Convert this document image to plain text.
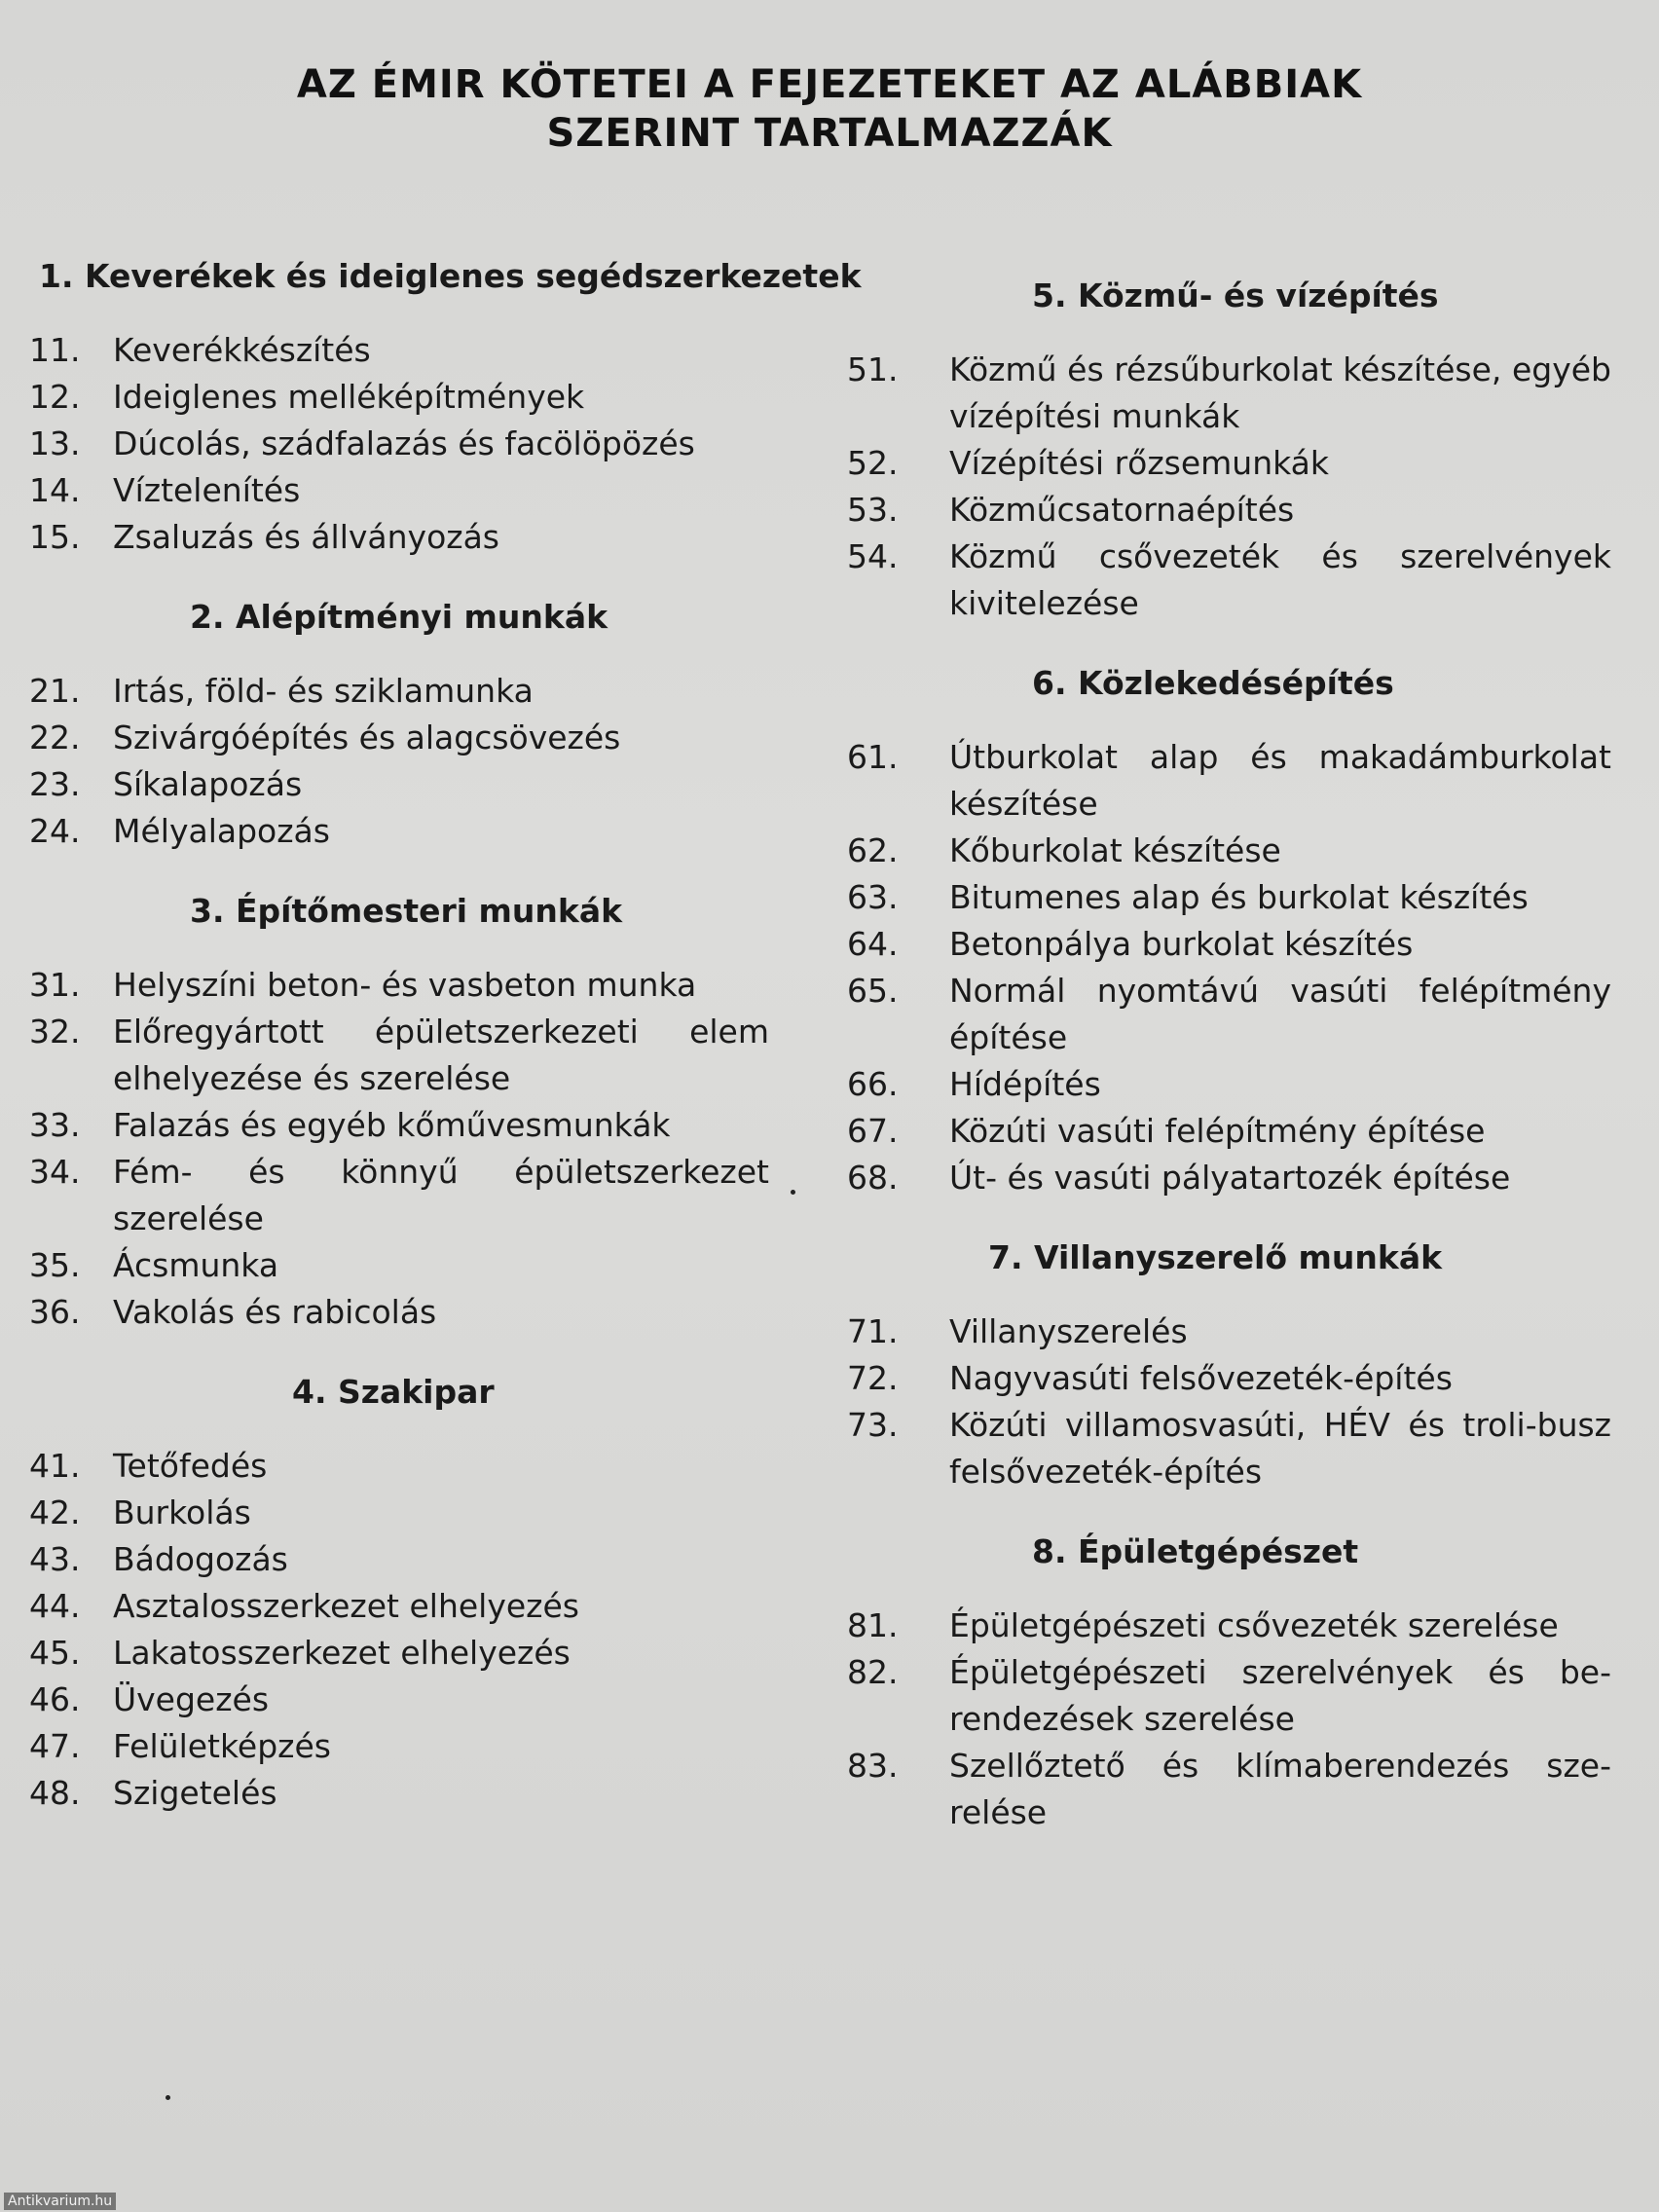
AZ ÉMIR KÖTETEI A FEJEZETEKET AZ ALÁBBIAK
SZERINT TARTALMAZZÁK
1. Keverékek és ideiglenes segédszerkezetek
11.	Keverékkészítés
12.	Ideiglenes melléképítmények
13.	Dúcolás, szádfalazás és facölöpözés
14.	Víztelenítés
15.	Zsaluzás és állványozás
2. Alépítményi munkák
21.	Irtás, föld- és sziklamunka
22.	Szivárgóépítés és alagcsövezés
23.	Síkalapozás
24.	Mélyalapozás
3. Építőmesteri munkák
31.	Helyszíni beton- és vasbeton munka
32.	Előregyártott épületszerkezeti elem elhelyezése és szerelése
33.	Falazás és egyéb kőművesmunkák
34.	Fém- és könnyű épületszerkezet szerelése
35.	Ácsmunka
36.	Vakolás és rabicolás
4. Szakipar
41.	Tetőfedés
42.	Burkolás
43.	Bádogozás
44.	Asztalosszerkezet elhelyezés
45.	Lakatosszerkezet elhelyezés
46.	Üvegezés
47.	Felületképzés
48.	Szigetelés
5. Közmű- és vízépítés
51.	Közmű és rézsűburkolat készítése, egyéb vízépítési munkák
52.	Vízépítési rőzsemunkák
53.	Közműcsatornaépítés
54.	Közmű csővezeték és szerelvények kivitelezése
6. Közlekedésépítés
61.	Útburkolat alap és makadámburkolat készítése
62.	Kőburkolat készítése
63.	Bitumenes alap és burkolat készítés
64.	Betonpálya burkolat készítés
65.	Normál nyomtávú vasúti felépítmény építése
66.	Hídépítés
67.	Közúti vasúti felépítmény építése
68.	Út- és vasúti pályatartozék építése
7. Villanyszerelő munkák
71.	Villanyszerelés
72.	Nagyvasúti felsővezeték-építés
73.	Közúti villamosvasúti, HÉV és troli-busz felsővezeték-építés
8. Épületgépészet
81.	Épületgépészeti csővezeték szerelése
82.	Épületgépészeti szerelvények és be-rendezések szerelése
83.	Szellőztető és klímaberendezés sze-relése
Antikvarium.hu
